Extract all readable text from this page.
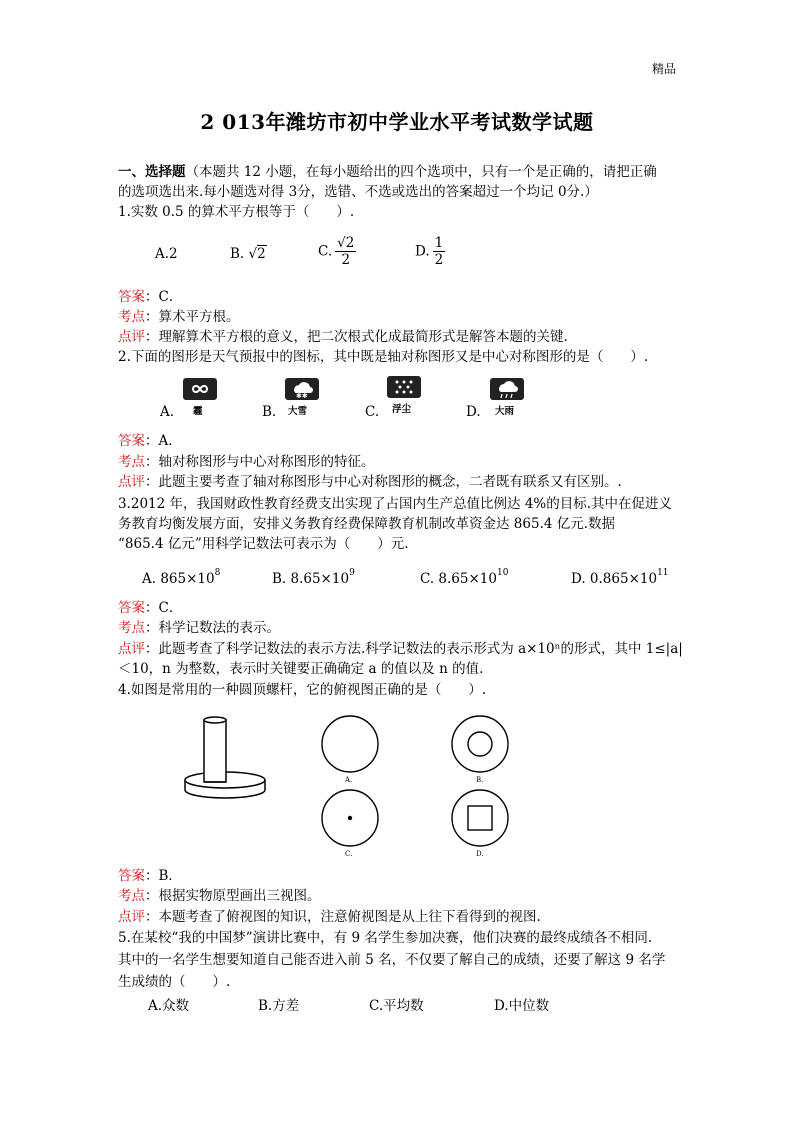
精品
2 013年潍坊市初中学业水平考试数学试题
一、选择题（本题共 12 小题，在每小题给出的四个选项中，只有一个是正确的，请把正确
的选项选出来.每小题选对得 3分，选错、不选或选出的答案超过一个均记 0分.）
1.实数 0.5 的算术平方根等于（　　）.
A.2	B. √2	C. $\frac{√2}{2}$	D. $\frac{1}{2}$
答案：C．
考点：算术平方根。
点评：理解算术平方根的意义，把二次根式化成最简形式是解答本题的关键.
2.下面的图形是天气预报中的图标，其中既是轴对称图形又是中心对称图形的是（　　）.
A. 霾	B.
✱✱
大雪	C. 浮尘	D. 大雨
答案：A．
考点：轴对称图形与中心对称图形的特征。
点评：此题主要考查了轴对称图形与中心对称图形的概念，二者既有联系又有区别。.
3.2012 年，我国财政性教育经费支出实现了占国内生产总值比例达 4%的目标.其中在促进义
务教育均衡发展方面，安排义务教育经费保障教育机制改革资金达 865.4 亿元.数据
“865.4 亿元”用科学记数法可表示为（　　）元.
A. $865\times 10^8$	B. $8.65\times 10^9$	C. $8.65\times 10^{10}$	D. $0.865\times 10^{11}$
答案：C．
考点：科学记数法的表示。
点评：此题考查了科学记数法的表示方法.科学记数法的表示形式为 a×10ⁿ的形式，其中 1≤|a|
＜10，n 为整数，表示时关键要正确确定 a 的值以及 n 的值.
4.如图是常用的一种圆顶螺杆，它的俯视图正确的是（　　）.
A.	B.
C.	D.
答案：B．
考点：根据实物原型画出三视图。
点评：本题考查了俯视图的知识，注意俯视图是从上往下看得到的视图.
5.在某校“我的中国梦”演讲比赛中，有 9 名学生参加决赛，他们决赛的最终成绩各不相同.
其中的一名学生想要知道自己能否进入前 5 名，不仅要了解自己的成绩，还要了解这 9 名学
生成绩的（　　）.
A.众数	B.方差	C.平均数	D.中位数
